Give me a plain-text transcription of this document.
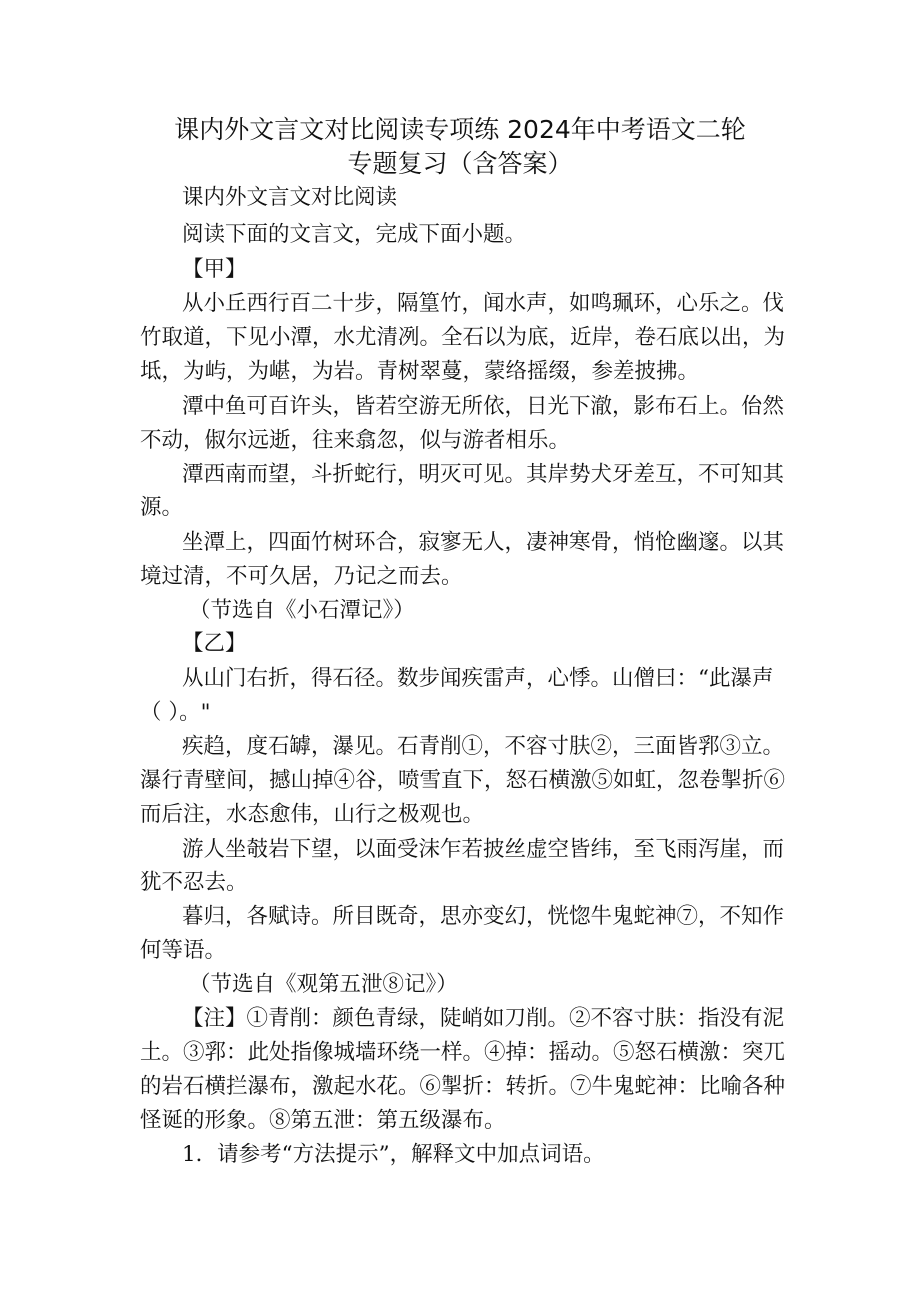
课内外文言文对比阅读专项练 2024年中考语文二轮
专题复习（含答案）
课内外文言文对比阅读
阅读下面的文言文，完成下面小题。
【甲】
从小丘西行百二十步，隔篁竹，闻水声，如鸣珮环，心乐之。伐
竹取道，下见小潭，水尤清冽。全石以为底，近岸，卷石底以出，为
坻，为屿，为嵁，为岩。青树翠蔓，蒙络摇缀，参差披拂。
潭中鱼可百许头，皆若空游无所依，日光下澈，影布石上。佁然
不动，俶尔远逝，往来翕忽，似与游者相乐。
潭西南而望，斗折蛇行，明灭可见。其岸势犬牙差互，不可知其
源。
坐潭上，四面竹树环合，寂寥无人，凄神寒骨，悄怆幽邃。以其
境过清，不可久居，乃记之而去。
（节选自《小石潭记》）
【乙】
从山门右折，得石径。数步闻疾雷声，心悸。山僧曰：“此瀑声
（ ）。"
疾趋，度石罅，瀑见。石青削①，不容寸肤②，三面皆郛③立。
瀑行青壁间，撼山掉④谷，喷雪直下，怒石横激⑤如虹，忽卷掣折⑥
而后注，水态愈伟，山行之极观也。
游人坐攲岩下望，以面受沫乍若披丝虚空皆纬，至飞雨泻崖，而
犹不忍去。
暮归，各赋诗。所目既奇，思亦变幻，恍惚牛鬼蛇神⑦，不知作
何等语。
（节选自《观第五泄⑧记》）
【注】①青削：颜色青绿，陡峭如刀削。②不容寸肤：指没有泥
土。③郛：此处指像城墙环绕一样。④掉：摇动。⑤怒石横激：突兀
的岩石横拦瀑布，激起水花。⑥掣折：转折。⑦牛鬼蛇神：比喻各种
怪诞的形象。⑧第五泄：第五级瀑布。
1．请参考“方法提示”，解释文中加点词语。
